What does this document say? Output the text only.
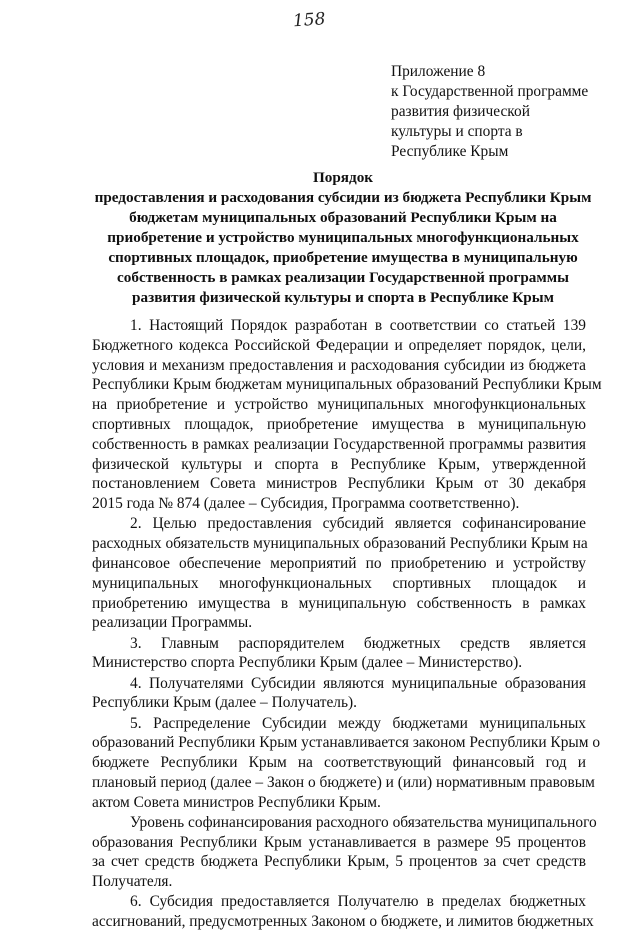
158
Приложение 8
к Государственной программе
развития физической
культуры и спорта в
Республике Крым
Порядок
предоставления и расходования субсидии из бюджета Республики Крым
бюджетам муниципальных образований Республики Крым на
приобретение и устройство муниципальных многофункциональных
спортивных площадок, приобретение имущества в муниципальную
собственность в рамках реализации Государственной программы
развития физической культуры и спорта в Республике Крым
1. Настоящий Порядок разработан в соответствии со статьей 139
Бюджетного кодекса Российской Федерации и определяет порядок, цели,
условия и механизм предоставления и расходования субсидии из бюджета
Республики Крым бюджетам муниципальных образований Республики Крым
на приобретение и устройство муниципальных многофункциональных
спортивных площадок, приобретение имущества в муниципальную
собственность в рамках реализации Государственной программы развития
физической культуры и спорта в Республике Крым, утвержденной
постановлением Совета министров Республики Крым от 30 декабря
2015 года № 874 (далее – Субсидия, Программа соответственно).
2. Целью предоставления субсидий является софинансирование
расходных обязательств муниципальных образований Республики Крым на
финансовое обеспечение мероприятий по приобретению и устройству
муниципальных многофункциональных спортивных площадок и
приобретению имущества в муниципальную собственность в рамках
реализации Программы.
3. Главным распорядителем бюджетных средств является
Министерство спорта Республики Крым (далее – Министерство).
4. Получателями Субсидии являются муниципальные образования
Республики Крым (далее – Получатель).
5. Распределение Субсидии между бюджетами муниципальных
образований Республики Крым устанавливается законом Республики Крым о
бюджете Республики Крым на соответствующий финансовый год и
плановый период (далее – Закон о бюджете) и (или) нормативным правовым
актом Совета министров Республики Крым.
Уровень софинансирования расходного обязательства муниципального
образования Республики Крым устанавливается в размере 95 процентов
за счет средств бюджета Республики Крым, 5 процентов за счет средств
Получателя.
6. Субсидия предоставляется Получателю в пределах бюджетных
ассигнований, предусмотренных Законом о бюджете, и лимитов бюджетных
